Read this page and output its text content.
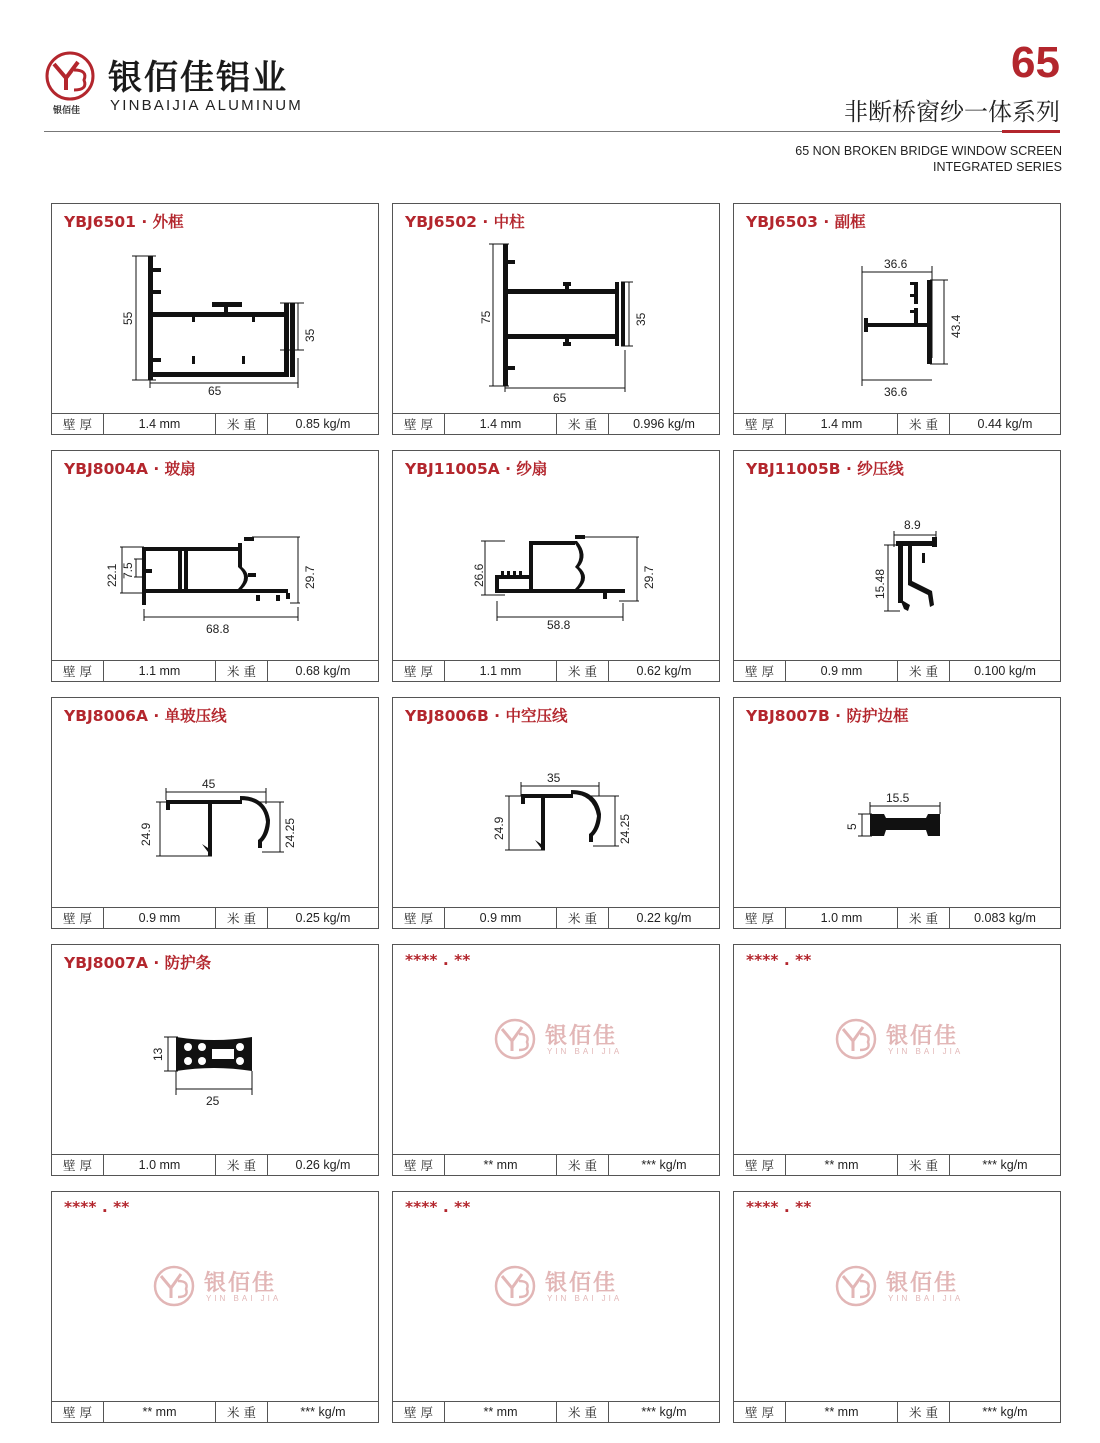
银佰佳
银佰佳铝业
YINBAIJIA ALUMINUM
65
非断桥窗纱一体系列
65 NON BROKEN BRIDGE WINDOW SCREEN
INTEGRATED SERIES
YBJ6501 · 外框
55
35
65
壁 厚	1.4 mm	米 重	0.85 kg/m
YBJ6502 · 中柱
75	35
65
壁 厚	1.4 mm	米 重	0.996 kg/m
YBJ6503 · 副框
36.6
43.4
36.6
壁 厚	1.4 mm	米 重	0.44 kg/m
YBJ8004A · 玻扇
22.1 7.5	29.7
68.8
壁 厚	1.1 mm	米 重	0.68 kg/m
YBJ11005A · 纱扇
26.6	29.7
58.8
壁 厚	1.1 mm	米 重	0.62 kg/m
YBJ11005B · 纱压线
8.9
15.48
壁 厚	0.9 mm	米 重	0.100 kg/m
YBJ8006A · 单玻压线
45
24.9	24.25
壁 厚	0.9 mm	米 重	0.25 kg/m
YBJ8006B · 中空压线
35
24.9	24.25
壁 厚	0.9 mm	米 重	0.22 kg/m
YBJ8007B · 防护边框
15.5
5
壁 厚	1.0 mm	米 重	0.083 kg/m
YBJ8007A · 防护条
13
25
壁 厚	1.0 mm	米 重	0.26 kg/m
**** . **
银佰佳
YIN BAI JIA
壁 厚	** mm	米 重	*** kg/m
**** . **
银佰佳
YIN BAI JIA
壁 厚	** mm	米 重	*** kg/m
**** . **
银佰佳
YIN BAI JIA
壁 厚	** mm	米 重	*** kg/m
**** . **
银佰佳
YIN BAI JIA
壁 厚	** mm	米 重	*** kg/m
**** . **
银佰佳
YIN BAI JIA
壁 厚	** mm	米 重	*** kg/m
